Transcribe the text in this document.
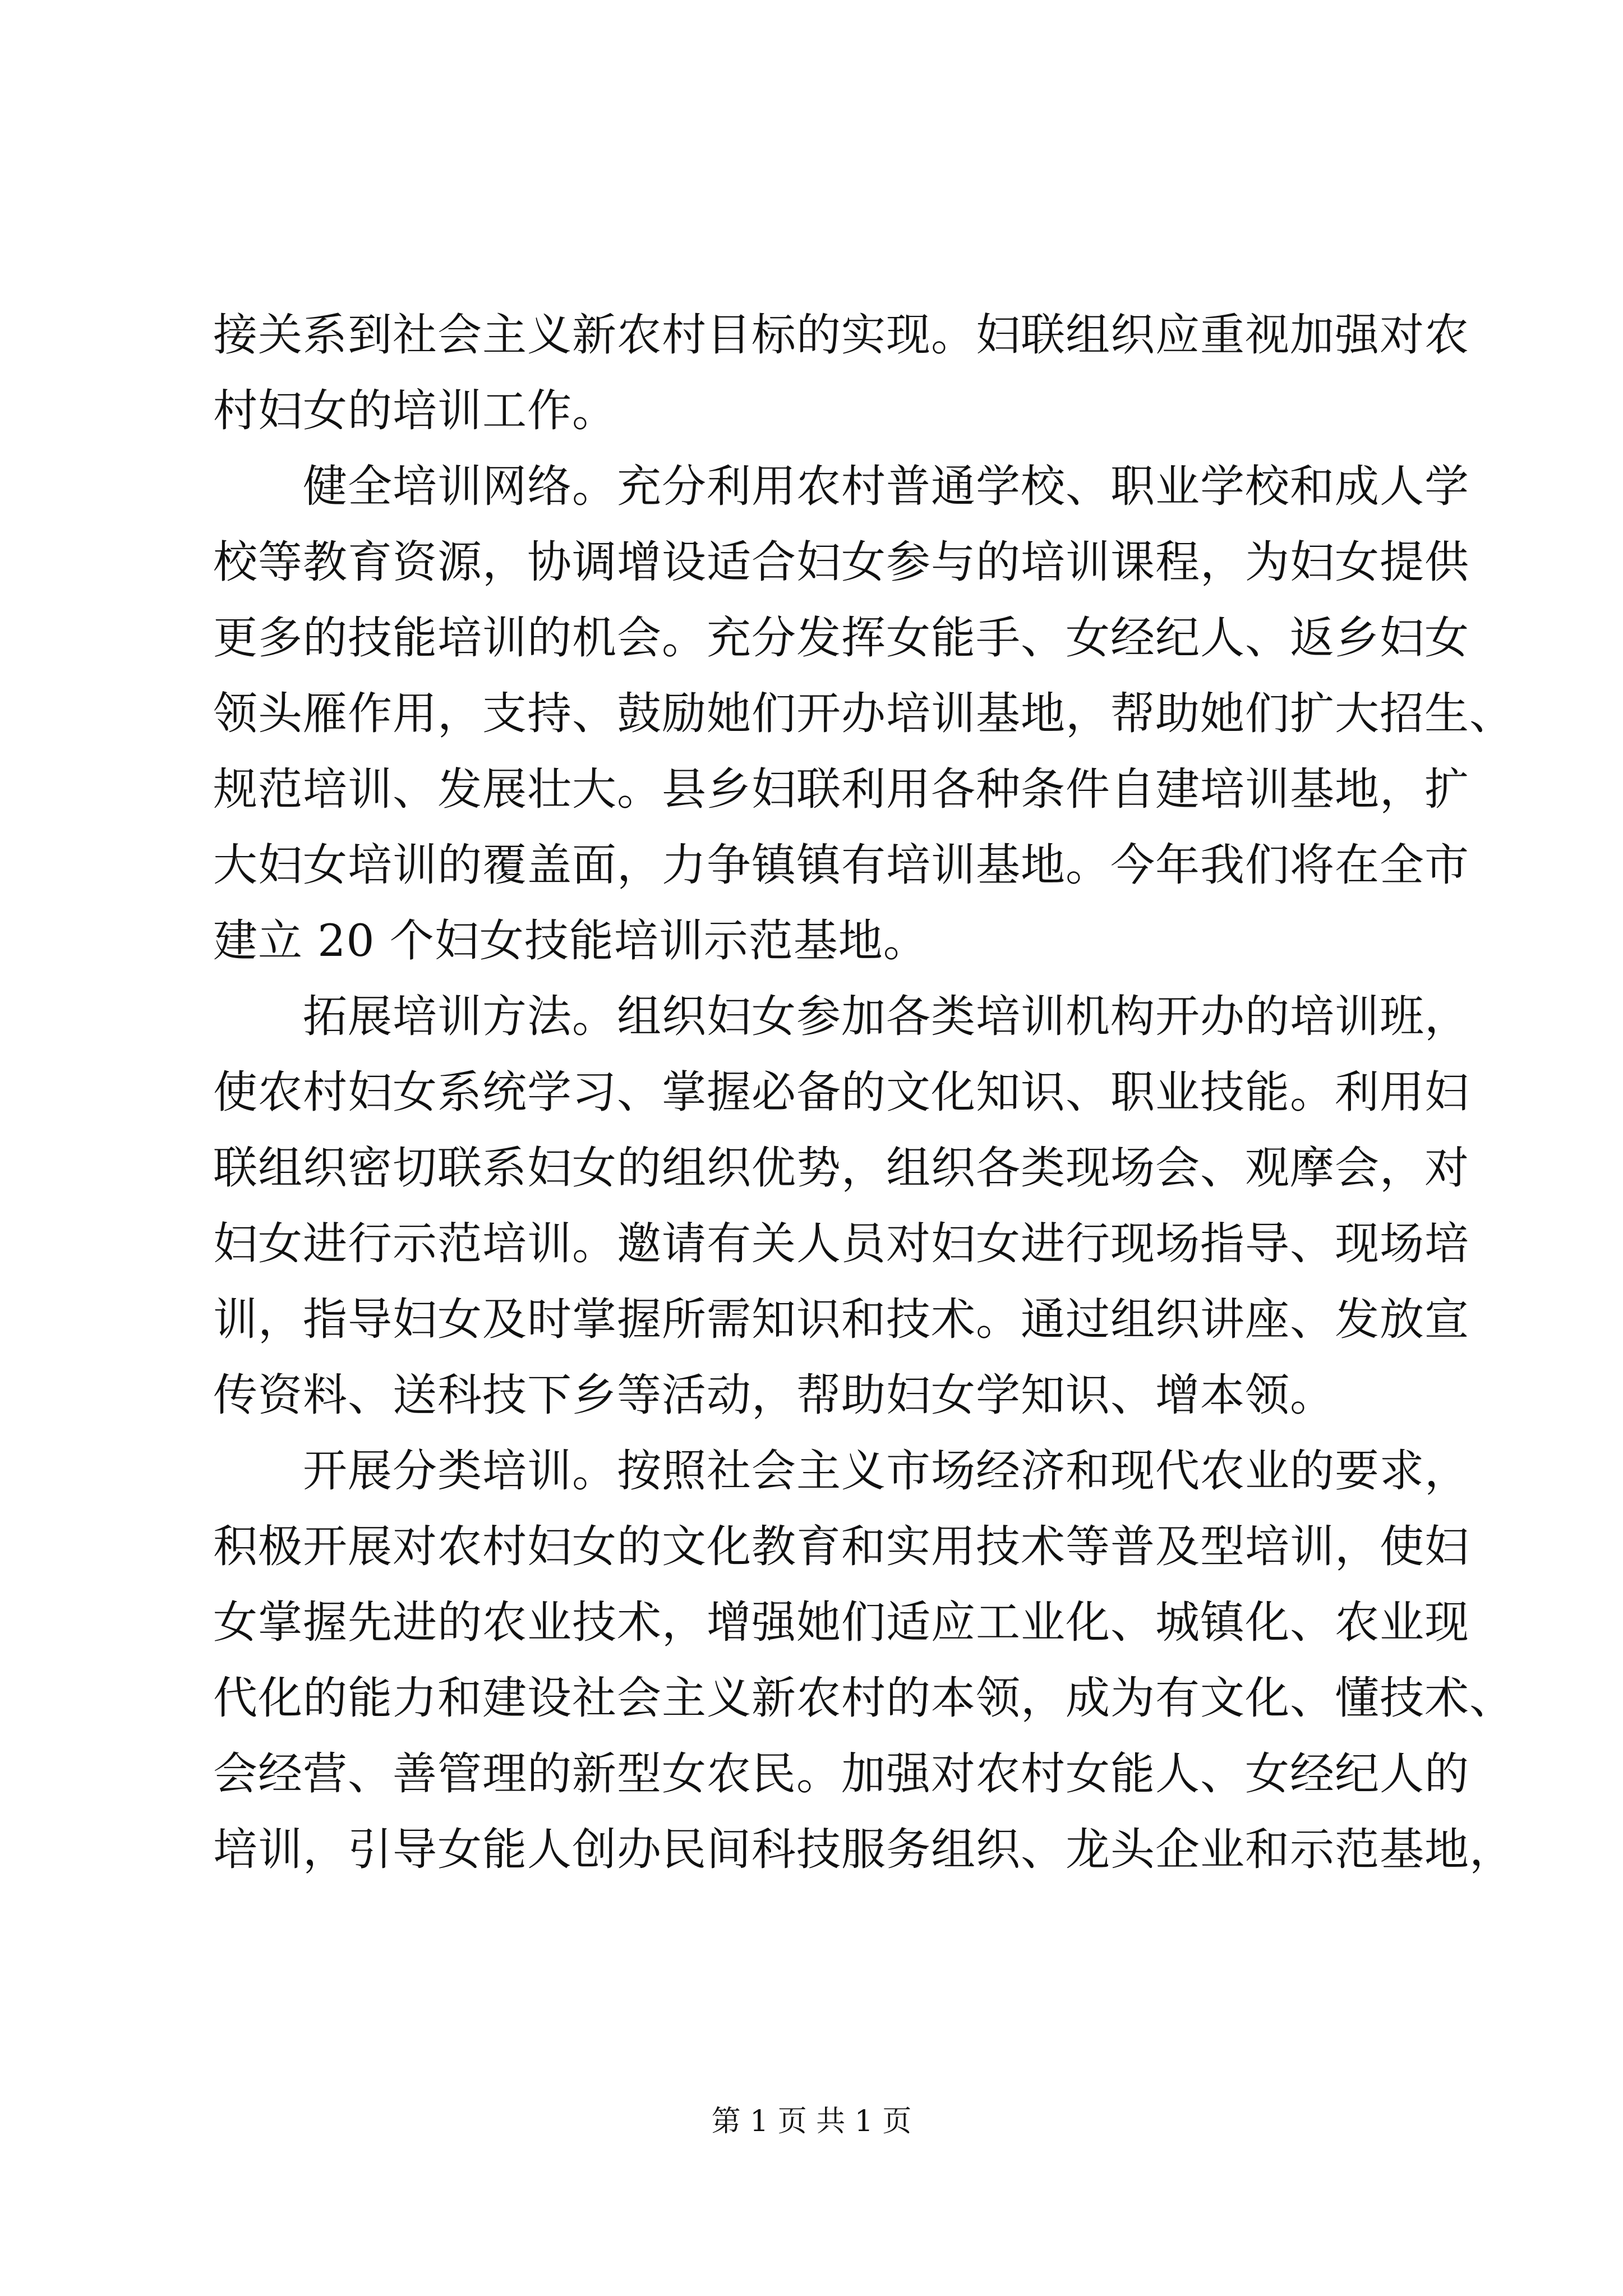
接关系到社会主义新农村目标的实现。妇联组织应重视加强对农
村妇女的培训工作。
健全培训网络。充分利用农村普通学校、职业学校和成人学
校等教育资源，协调增设适合妇女参与的培训课程，为妇女提供
更多的技能培训的机会。充分发挥女能手、女经纪人、返乡妇女
领头雁作用，支持、鼓励她们开办培训基地，帮助她们扩大招生、
规范培训、发展壮大。县乡妇联利用各种条件自建培训基地，扩
大妇女培训的覆盖面，力争镇镇有培训基地。今年我们将在全市
建立 20 个妇女技能培训示范基地。
拓展培训方法。组织妇女参加各类培训机构开办的培训班，
使农村妇女系统学习、掌握必备的文化知识、职业技能。利用妇
联组织密切联系妇女的组织优势，组织各类现场会、观摩会，对
妇女进行示范培训。邀请有关人员对妇女进行现场指导、现场培
训，指导妇女及时掌握所需知识和技术。通过组织讲座、发放宣
传资料、送科技下乡等活动，帮助妇女学知识、增本领。
开展分类培训。按照社会主义市场经济和现代农业的要求，
积极开展对农村妇女的文化教育和实用技术等普及型培训，使妇
女掌握先进的农业技术，增强她们适应工业化、城镇化、农业现
代化的能力和建设社会主义新农村的本领，成为有文化、懂技术、
会经营、善管理的新型女农民。加强对农村女能人、女经纪人的
培训，引导女能人创办民间科技服务组织、龙头企业和示范基地，
第 1 页 共 1 页
